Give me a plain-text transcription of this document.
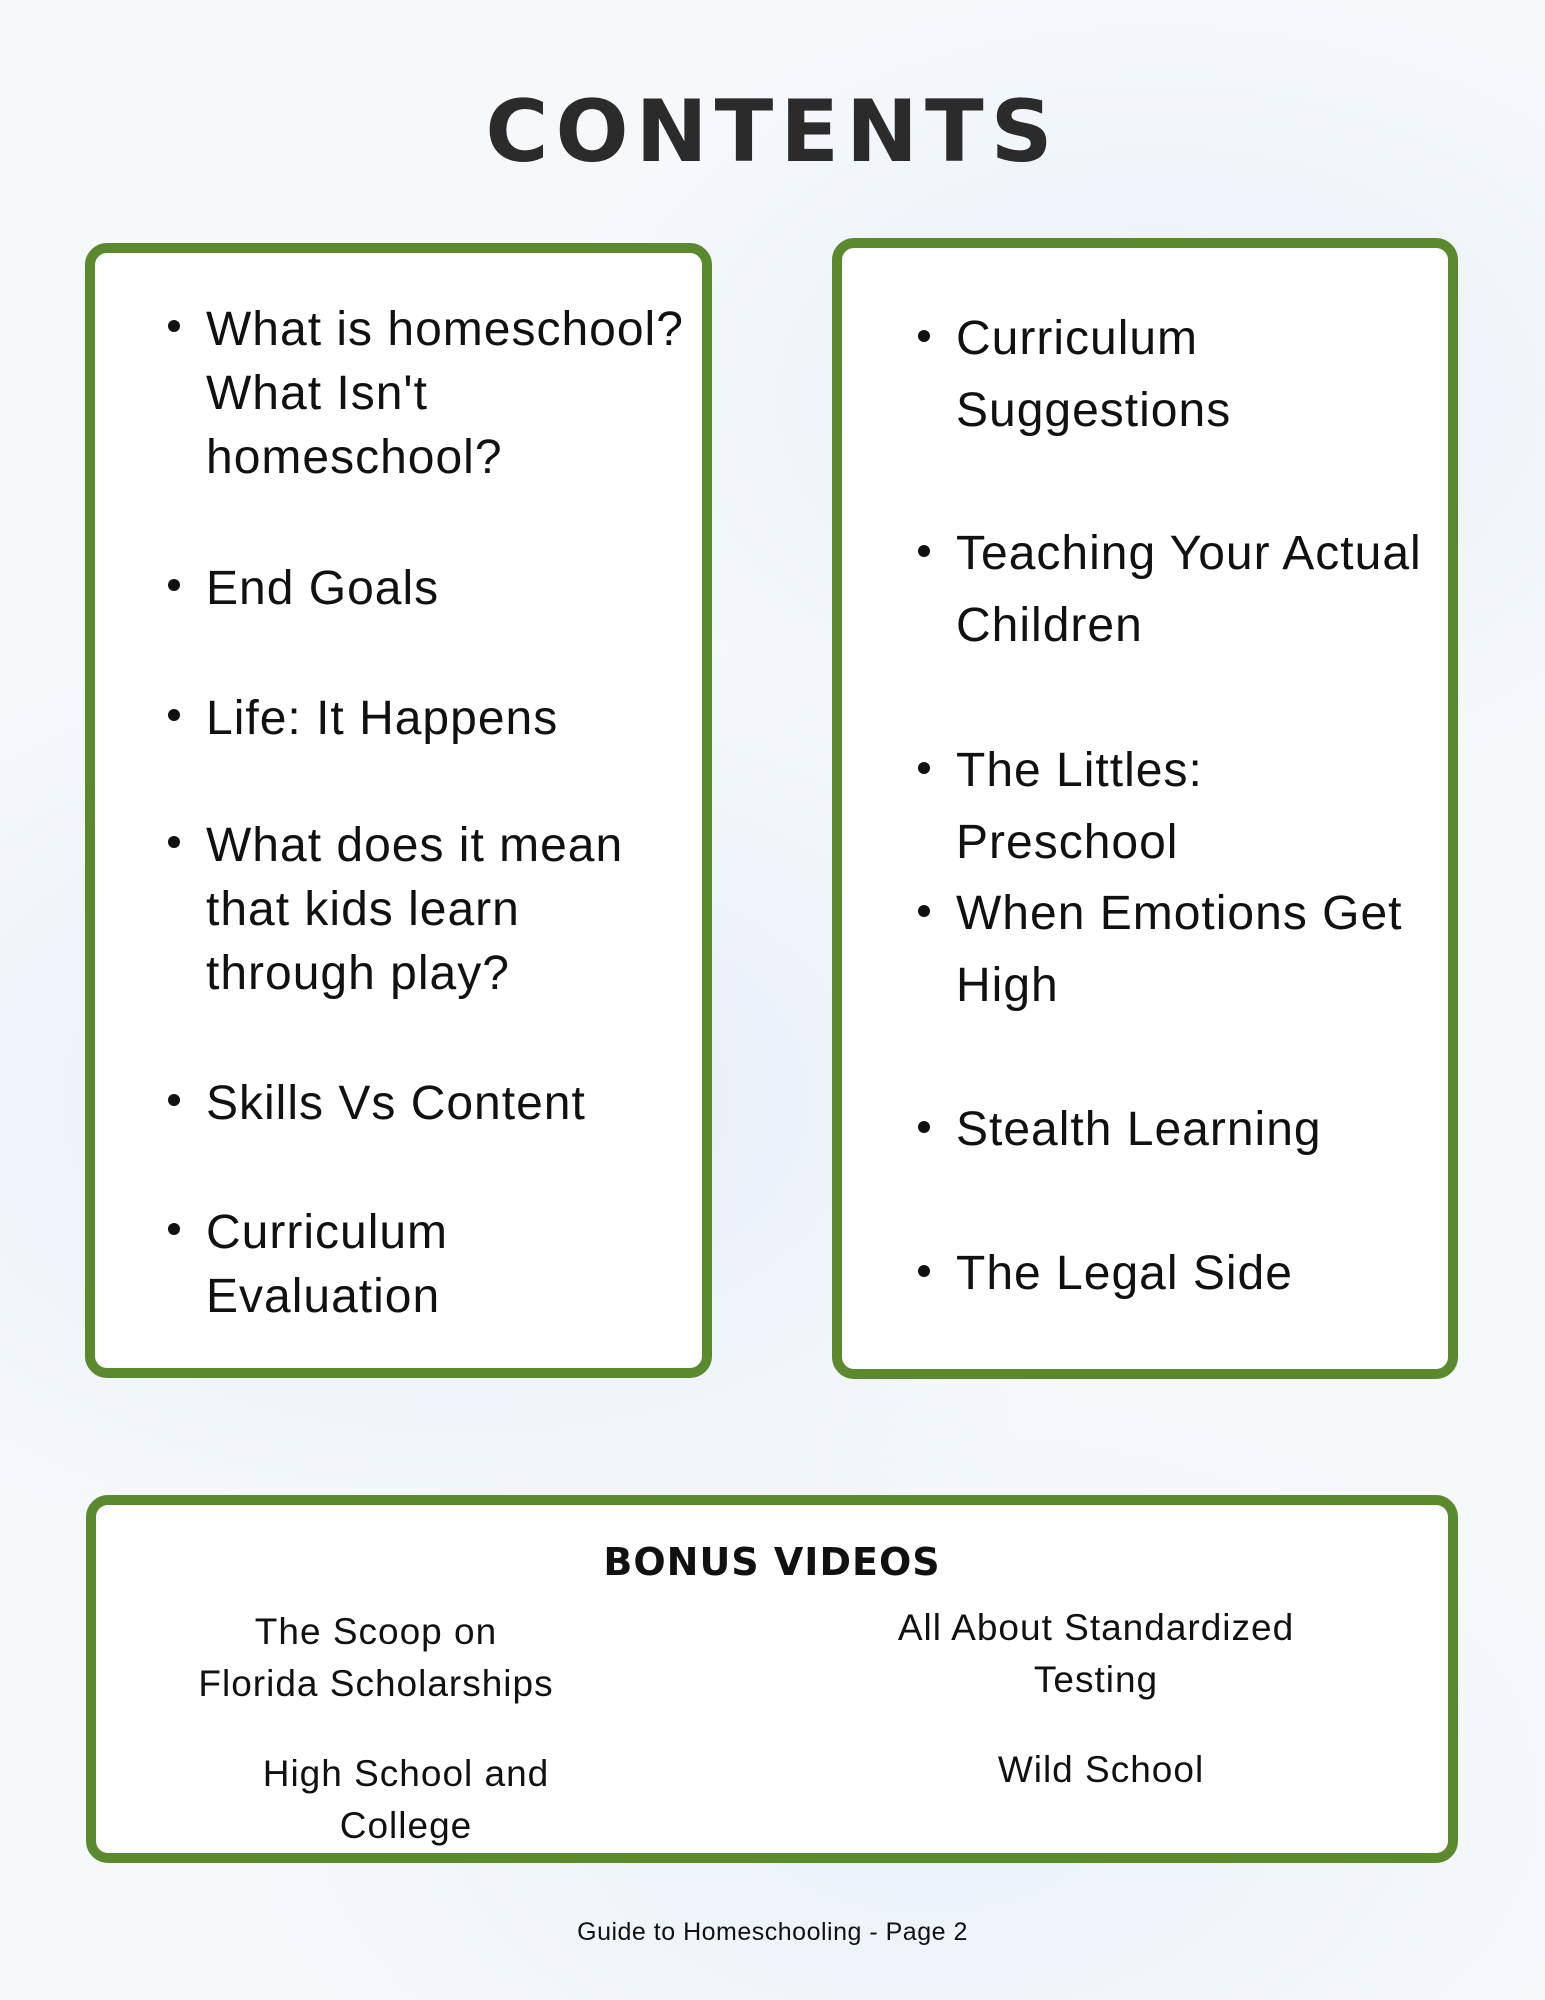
CONTENTS
What is homeschool? What Isn't homeschool?
End Goals
Life: It Happens
What does it mean that kids learn through play?
Skills Vs Content
Curriculum Evaluation
Curriculum Suggestions
Teaching Your Actual Children
The Littles: Preschool
When Emotions Get High
Stealth Learning
The Legal Side
BONUS VIDEOS
The Scoop on Florida Scholarships
All About Standardized Testing
High School and College
Wild School
Guide to Homeschooling - Page 2
